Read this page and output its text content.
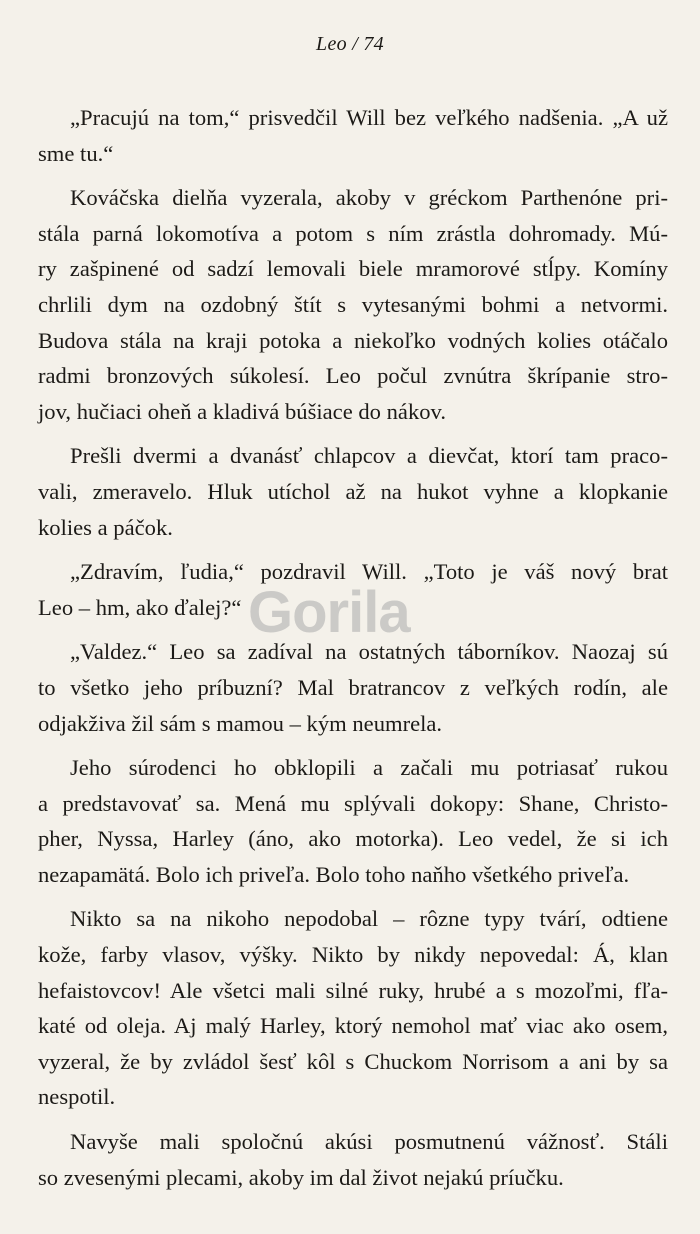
Leo / 74
„Pracujú na tom,“ prisvedčil Will bez veľkého nadšenia. „A už
sme tu.“
Kováčska dielňa vyzerala, akoby v gréckom Parthenóne pri-
stála parná lokomotíva a potom s ním zrástla dohromady. Mú-
ry zašpinené od sadzí lemovali biele mramorové stĺpy. Komíny
chrlili dym na ozdobný štít s vytesanými bohmi a netvormi.
Budova stála na kraji potoka a niekoľko vodných kolies otáčalo
radmi bronzových súkolesí. Leo počul zvnútra škrípanie stro-
jov, hučiaci oheň a kladivá búšiace do nákov.
Prešli dvermi a dvanásť chlapcov a dievčat, ktorí tam praco-
vali, zmeravelo. Hluk utíchol až na hukot vyhne a klopkanie
kolies a páčok.
„Zdravím, ľudia,“ pozdravil Will. „Toto je váš nový brat
Leo – hm, ako ďalej?“
„Valdez.“ Leo sa zadíval na ostatných táborníkov. Naozaj sú
to všetko jeho príbuzní? Mal bratrancov z veľkých rodín, ale
odjakživa žil sám s mamou – kým neumrela.
Jeho súrodenci ho obklopili a začali mu potriasať rukou
a predstavovať sa. Mená mu splývali dokopy: Shane, Christo-
pher, Nyssa, Harley (áno, ako motorka). Leo vedel, že si ich
nezapamätá. Bolo ich priveľa. Bolo toho naňho všetkého priveľa.
Nikto sa na nikoho nepodobal – rôzne typy tvárí, odtiene
kože, farby vlasov, výšky. Nikto by nikdy nepovedal: Á, klan
hefaistovcov! Ale všetci mali silné ruky, hrubé a s mozoľmi, fľa-
katé od oleja. Aj malý Harley, ktorý nemohol mať viac ako osem,
vyzeral, že by zvládol šesť kôl s Chuckom Norrisom a ani by sa
nespotil.
Navyše mali spoločnú akúsi posmutnenú vážnosť. Stáli
so zvesenými plecami, akoby im dal život nejakú príučku.
Gorila
